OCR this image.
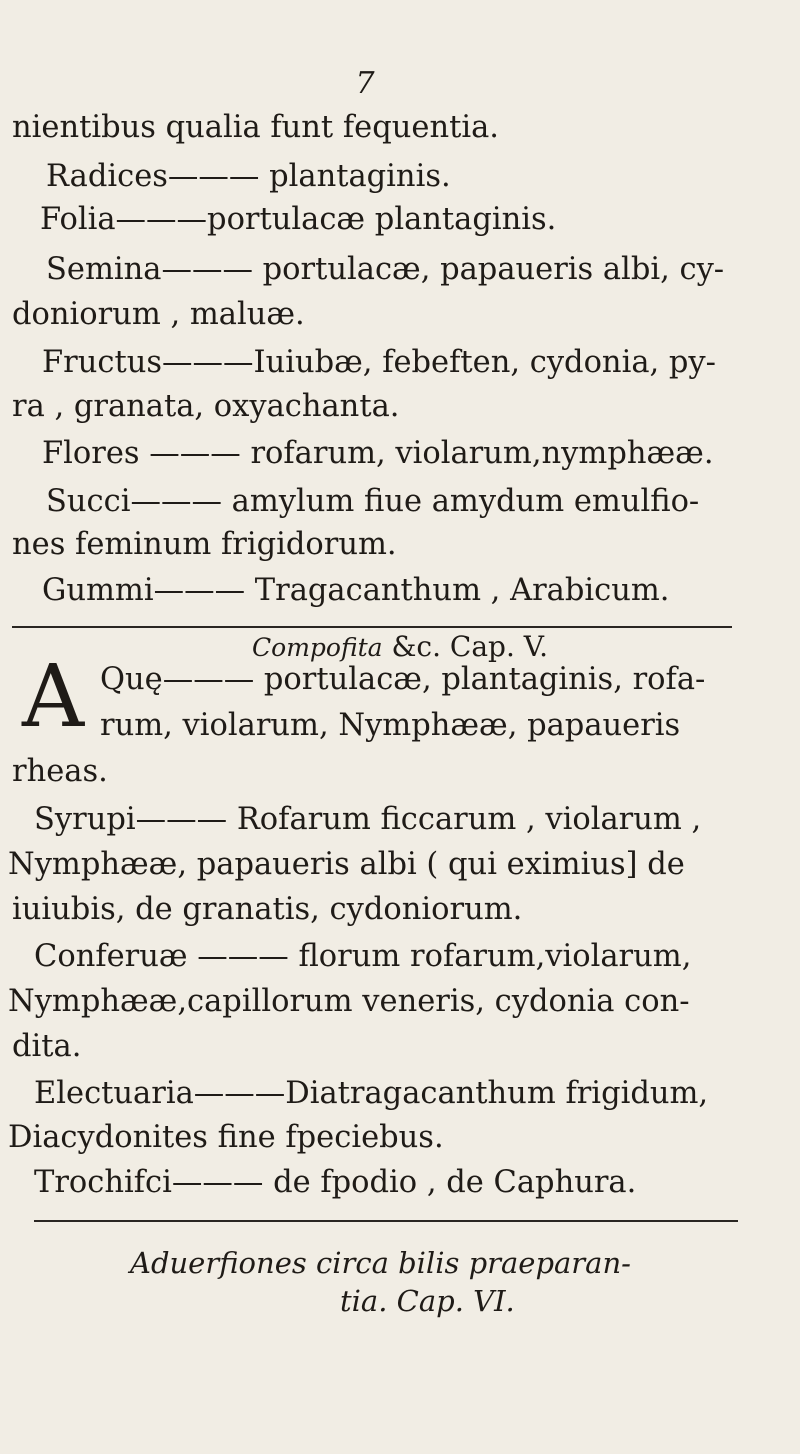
7
nientibus qualia funt fequentia.
Radices——— plantaginis.
Folia———portulacæ plantaginis.
Semina——— portulacæ, papaueris albi, cy-
doniorum , maluæ.
Fructus———Iuiubæ, febeften, cydonia, py-
ra , granata, oxyachanta.
Flores ——— rofarum, violarum,nymphææ.
Succi——— amylum fiue amydum emulfio-
nes feminum frigidorum.
Gummi——— Tragacanthum , Arabicum.
Compofita &c. Cap. V.
A Quę——— portulacæ, plantaginis, rofa-
rum, violarum, Nymphææ, papaueris
rheas.
Syrupi——— Rofarum ficcarum , violarum ,
Nymphææ, papaueris albi ( qui eximius] de
iuiubis, de granatis, cydoniorum.
Conferuæ ——— florum rofarum,violarum,
Nymphææ,capillorum veneris, cydonia con-
dita.
Electuaria———Diatragacanthum frigidum,
Diacydonites fine fpeciebus.
Trochifci——— de fpodio , de Caphura.
Aduerfiones circa bilis praeparan-
tia. Cap. VI.
